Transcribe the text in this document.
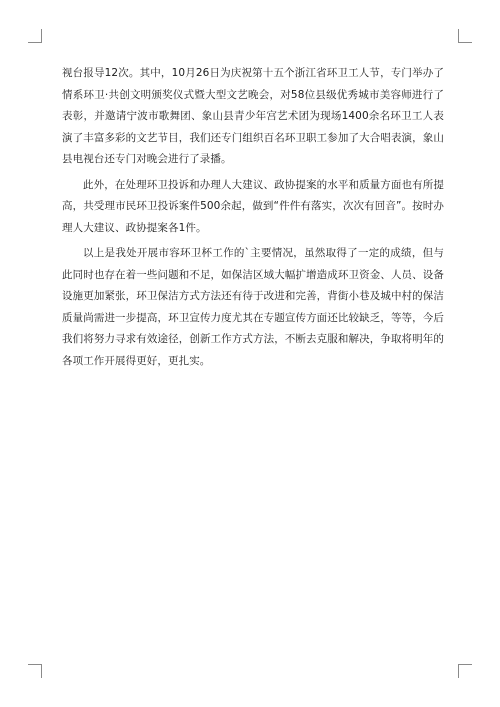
视台报导12次。其中，10月26日为庆祝第十五个浙江省环卫工人节，专门举办了情系环卫·共创文明颁奖仪式暨大型文艺晚会，对58位县级优秀城市美容师进行了表彰，并邀请宁波市歌舞团、象山县青少年宫艺术团为现场1400余名环卫工人表演了丰富多彩的文艺节目，我们还专门组织百名环卫职工参加了大合唱表演，象山县电视台还专门对晚会进行了录播。

此外，在处理环卫投诉和办理人大建议、政协提案的水平和质量方面也有所提高，共受理市民环卫投诉案件500余起，做到“件件有落实，次次有回音”。按时办理人大建议、政协提案各1件。

以上是我处开展市容环卫杯工作的`主要情况，虽然取得了一定的成绩，但与此同时也存在着一些问题和不足，如保洁区域大幅扩增造成环卫资金、人员、设备设施更加紧张，环卫保洁方式方法还有待于改进和完善，背街小巷及城中村的保洁质量尚需进一步提高，环卫宣传力度尤其在专题宣传方面还比较缺乏，等等，今后我们将努力寻求有效途径，创新工作方式方法，不断去克服和解决，争取将明年的各项工作开展得更好，更扎实。
